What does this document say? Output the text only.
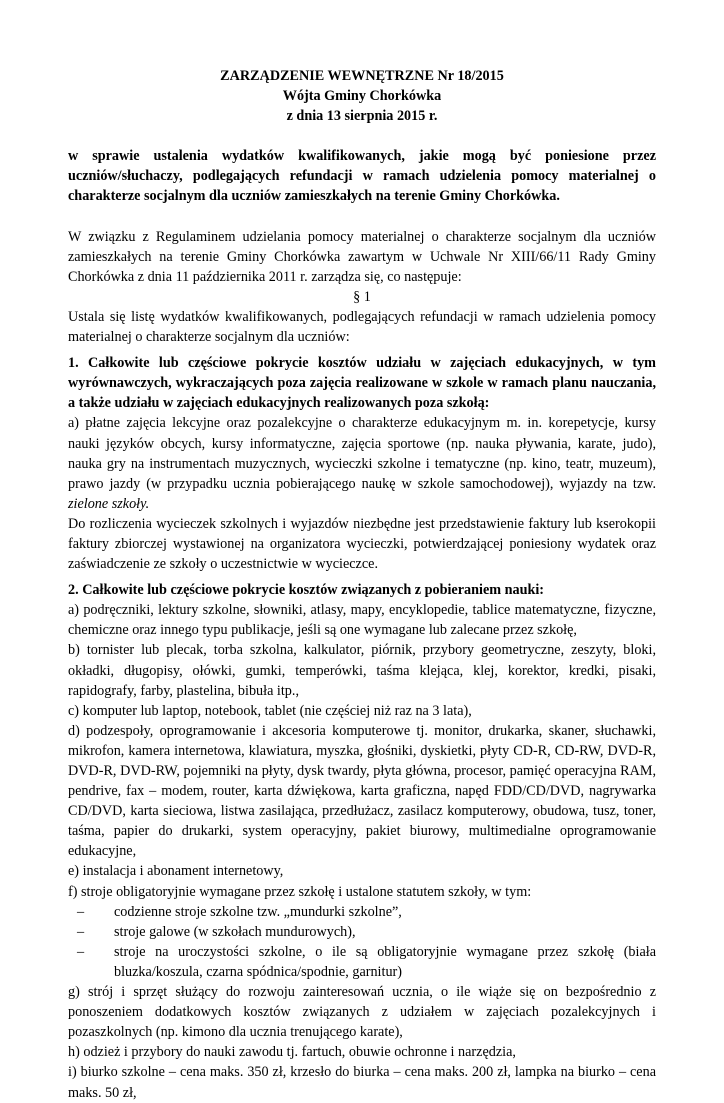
ZARZĄDZENIE WEWNĘTRZNE Nr 18/2015
Wójta Gminy Chorkówka
z dnia 13 sierpnia 2015 r.

w sprawie ustalenia wydatków kwalifikowanych, jakie mogą być poniesione przez uczniów/słuchaczy, podlegających refundacji w ramach udzielenia pomocy materialnej o charakterze socjalnym dla uczniów zamieszkałych na terenie Gminy Chorkówka.

W związku z Regulaminem udzielania pomocy materialnej o charakterze socjalnym dla uczniów zamieszkałych na terenie Gminy Chorkówka zawartym w Uchwale Nr XIII/66/11 Rady Gminy Chorkówka z dnia 11 października 2011 r. zarządza się, co następuje:

§ 1

Ustala się listę wydatków kwalifikowanych, podlegających refundacji w ramach udzielenia pomocy materialnej o charakterze socjalnym dla uczniów:

1. Całkowite lub częściowe pokrycie kosztów udziału w zajęciach edukacyjnych, w tym wyrównawczych, wykraczających poza zajęcia realizowane w szkole w ramach planu nauczania, a także udziału w zajęciach edukacyjnych realizowanych poza szkołą:

a) płatne zajęcia lekcyjne oraz pozalekcyjne o charakterze edukacyjnym m. in. korepetycje, kursy nauki języków obcych, kursy informatyczne, zajęcia sportowe (np. nauka pływania, karate, judo), nauka gry na instrumentach muzycznych, wycieczki szkolne i tematyczne (np. kino, teatr, muzeum), prawo jazdy (w przypadku ucznia pobierającego naukę w szkole samochodowej), wyjazdy na tzw. zielone szkoły.

Do rozliczenia wycieczek szkolnych i wyjazdów niezbędne jest przedstawienie faktury lub kserokopii faktury zbiorczej wystawionej na organizatora wycieczki, potwierdzającej poniesiony wydatek oraz zaświadczenie ze szkoły o uczestnictwie w wycieczce.

2. Całkowite lub częściowe pokrycie kosztów związanych z pobieraniem nauki:

a) podręczniki, lektury szkolne, słowniki, atlasy, mapy, encyklopedie, tablice matematyczne, fizyczne, chemiczne oraz innego typu publikacje, jeśli są one wymagane lub zalecane przez szkołę,

b) tornister lub plecak, torba szkolna, kalkulator, piórnik, przybory geometryczne, zeszyty, bloki, okładki, długopisy, ołówki, gumki, temperówki, taśma klejąca, klej, korektor, kredki, pisaki, rapidografy, farby, plastelina, bibuła itp.,

c) komputer lub laptop, notebook, tablet (nie częściej niż raz na 3 lata),

d) podzespoły, oprogramowanie i akcesoria komputerowe tj. monitor, drukarka, skaner, słuchawki, mikrofon, kamera internetowa, klawiatura, myszka, głośniki, dyskietki, płyty CD-R, CD-RW, DVD-R, DVD-R, DVD-RW, pojemniki na płyty, dysk twardy, płyta główna, procesor, pamięć operacyjna RAM, pendrive, fax – modem, router, karta dźwiękowa, karta graficzna, napęd FDD/CD/DVD, nagrywarka CD/DVD, karta sieciowa, listwa zasilająca, przedłużacz, zasilacz komputerowy, obudowa, tusz, toner, taśma, papier do drukarki, system operacyjny, pakiet biurowy, multimedialne oprogramowanie edukacyjne,

e) instalacja i abonament internetowy,

f) stroje obligatoryjnie wymagane przez szkołę i ustalone statutem szkoły, w tym:

– codzienne stroje szkolne tzw. „mundurki szkolne”,
– stroje galowe (w szkołach mundurowych),
– stroje na uroczystości szkolne, o ile są obligatoryjnie wymagane przez szkołę (biała bluzka/koszula, czarna spódnica/spodnie, garnitur)

g) strój i sprzęt służący do rozwoju zainteresowań ucznia, o ile wiąże się on bezpośrednio z ponoszeniem dodatkowych kosztów związanych z udziałem w zajęciach pozalekcyjnych i pozaszkolnych (np. kimono dla ucznia trenującego karate),

h) odzież i przybory do nauki zawodu tj. fartuch, obuwie ochronne i narzędzia,

i) biurko szkolne – cena maks. 350 zł, krzesło do biurka – cena maks. 200 zł, lampka na biurko – cena maks. 50 zł,
